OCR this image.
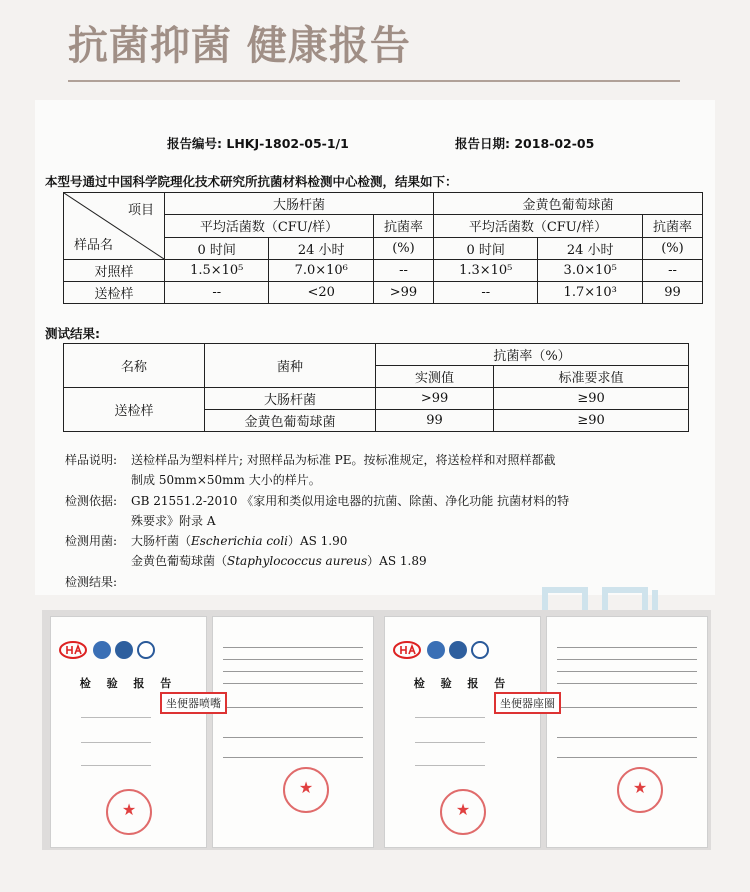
抗菌抑菌 健康报告
报告编号: LHKJ-1802-05-1/1	报告日期: 2018-02-05
本型号通过中国科学院理化技术研究所抗菌材料检测中心检测，结果如下：
项目
样品名	大肠杆菌			金黄色葡萄球菌		
	平均活菌数（CFU/样）		抗菌率	平均活菌数（CFU/样）		抗菌率
	0 时间	24 小时	(%)	0 时间	24 小时	(%)
对照样	1.5×10⁵	7.0×10⁶	--	1.3×10⁵	3.0×10⁵	--
送检样	--	<20	>99	--	1.7×10³	99
测试结果:
名称	菌种	抗菌率（%）	
		实测值	标准要求值
送检样	大肠杆菌	>99	≥90
	金黄色葡萄球菌	99	≥90
样品说明: 送检样品为塑料样片; 对照样品为标准 PE。按标准规定，将送检样和对照样都截
制成 50mm×50mm 大小的样片。
检测依据: GB 21551.2-2010 《家用和类似用途电器的抗菌、除菌、净化功能 抗菌材料的特
殊要求》附录 A
检测用菌: 大肠杆菌（Escherichia coli）AS 1.90
金黄色葡萄球菌（Staphylococcus aureus）AS 1.89
检测结果:
检 验 报 告
★
★
坐便器喷嘴
检 验 报 告
★
★
坐便器座圈
